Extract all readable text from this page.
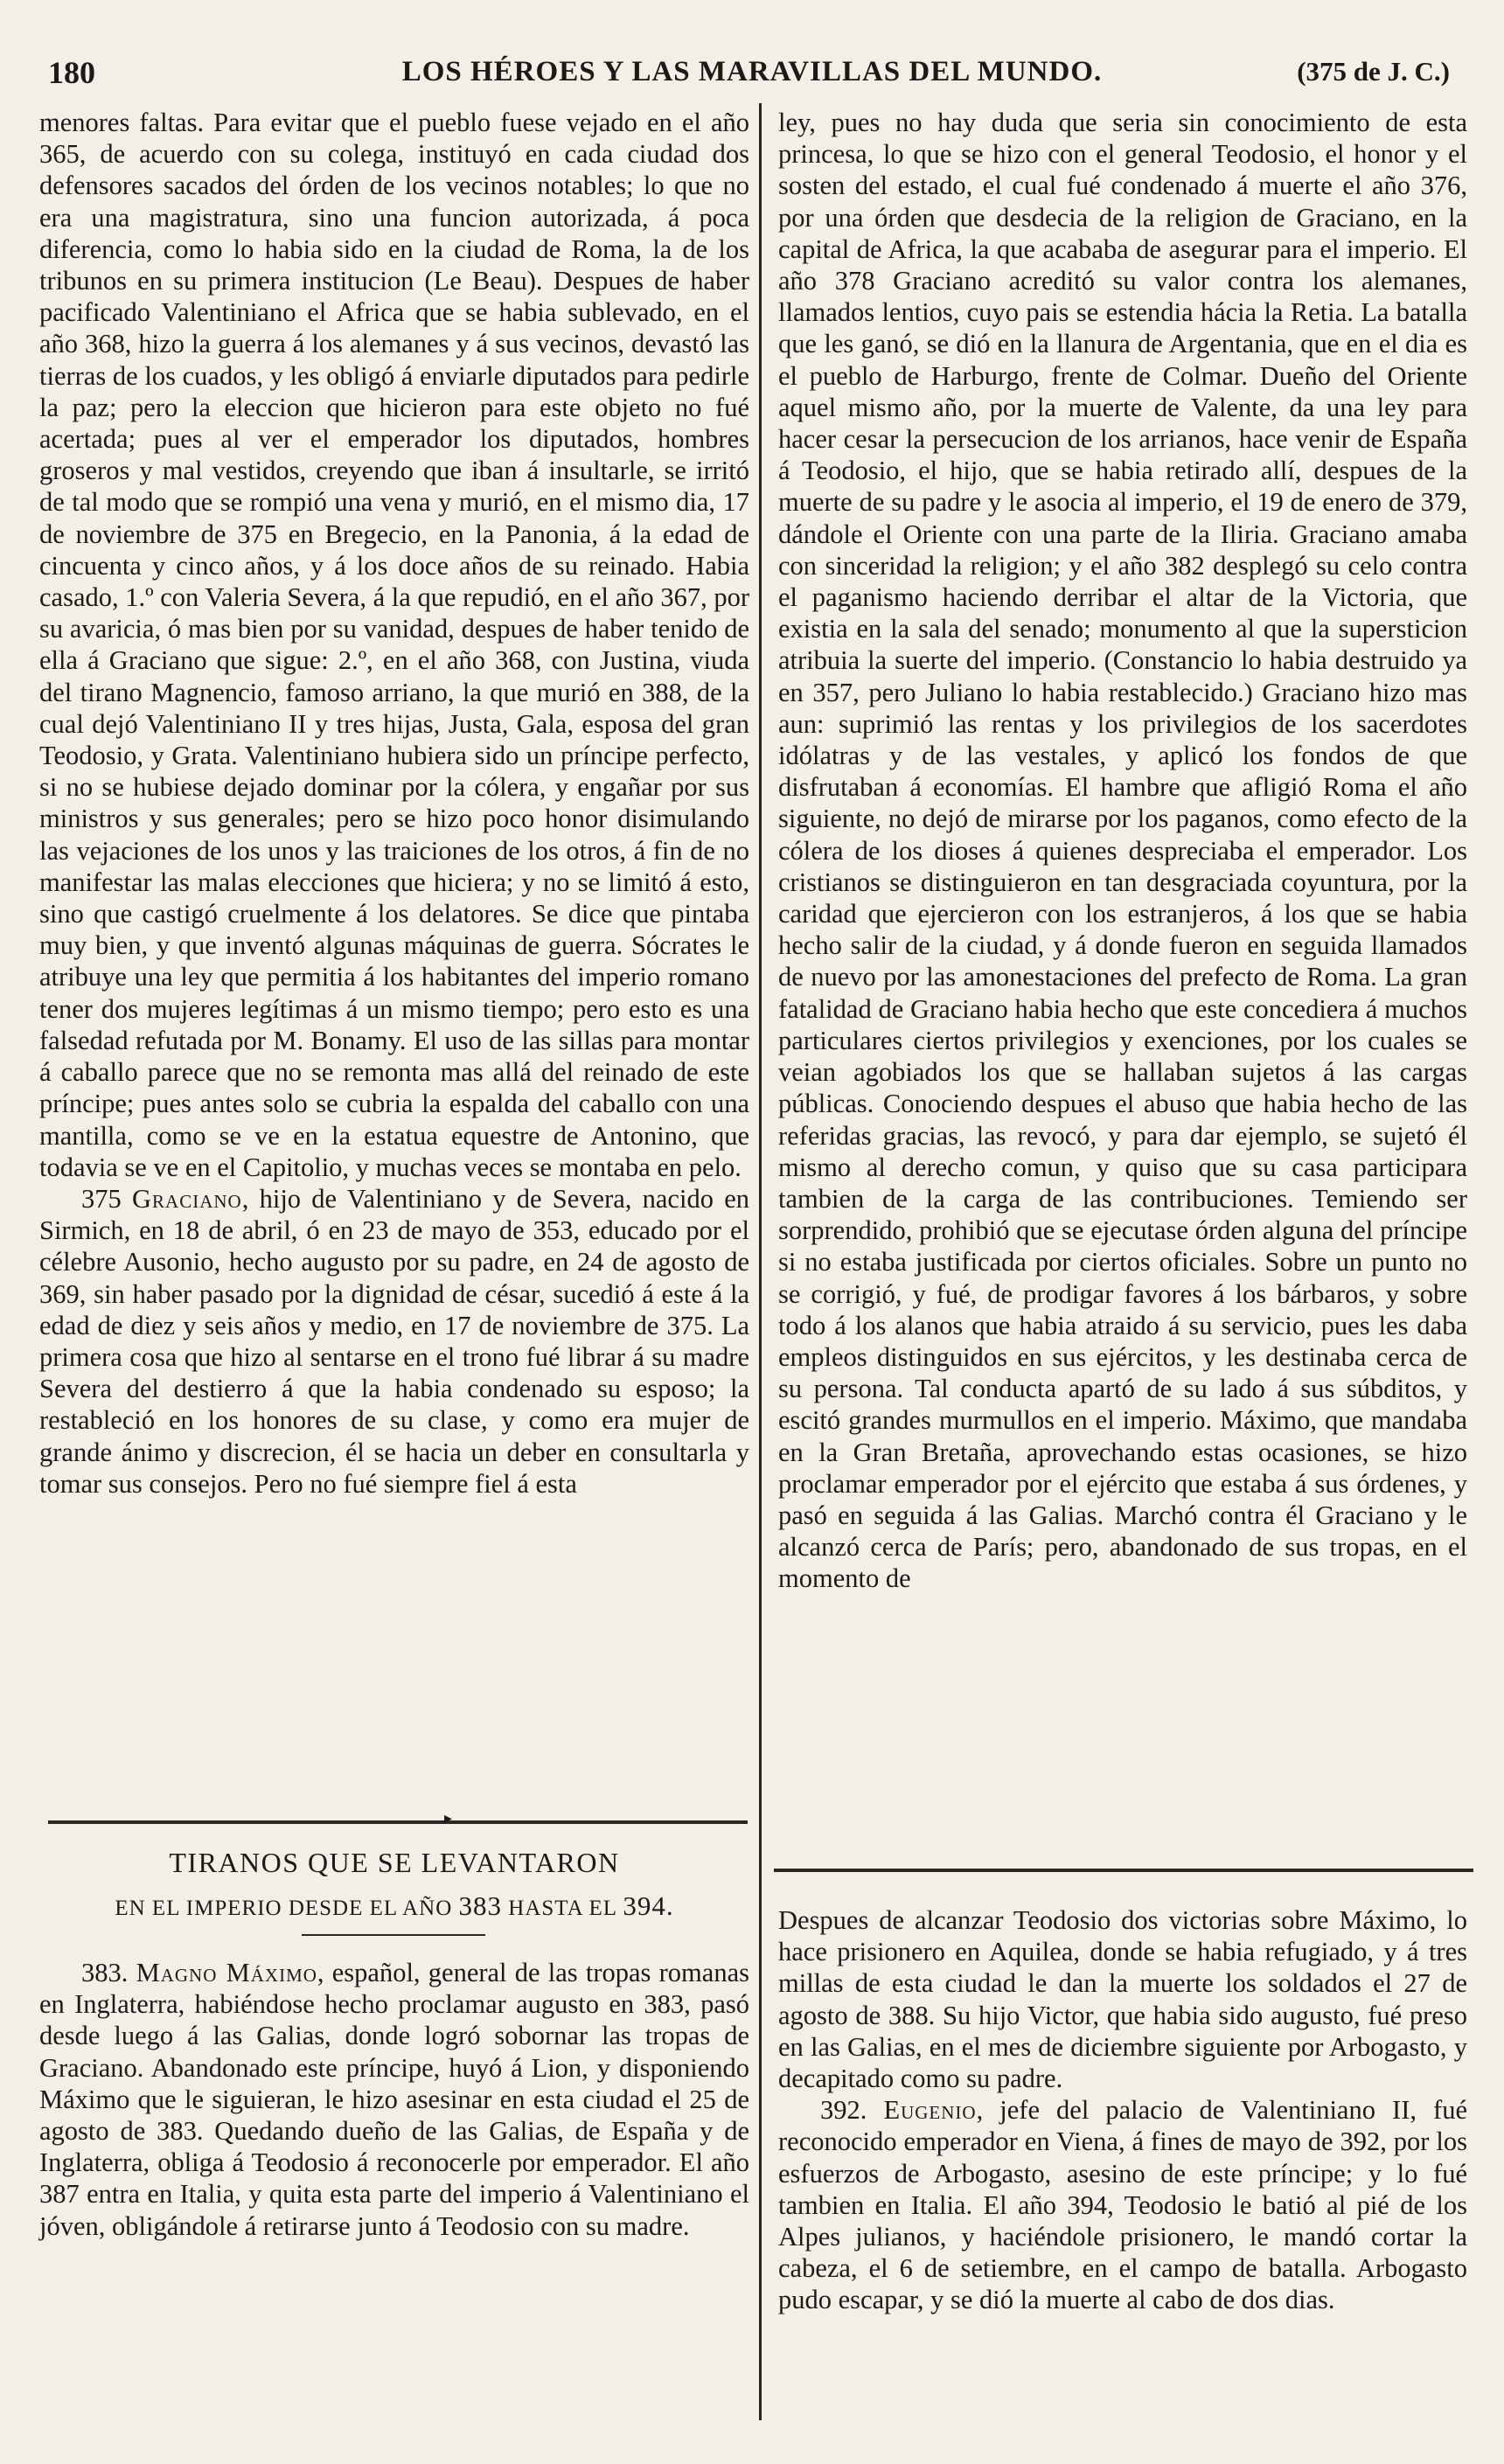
180	LOS HÉROES Y LAS MARAVILLAS DEL MUNDO.	(375 de J. C.)

menores faltas. Para evitar que el pueblo fuese vejado en el año 365, de acuerdo con su colega, instituyó en cada ciudad dos defensores sacados del órden de los vecinos notables; lo que no era una magistratura, sino una funcion autorizada, á poca diferencia, como lo habia sido en la ciudad de Roma, la de los tribunos en su primera institucion (Le Beau). Despues de haber pacificado Valentiniano el Africa que se habia sublevado, en el año 368, hizo la guerra á los alemanes y á sus vecinos, devastó las tierras de los cuados, y les obligó á enviarle diputados para pedirle la paz; pero la eleccion que hicieron para este objeto no fué acertada; pues al ver el emperador los diputados, hombres groseros y mal vestidos, creyendo que iban á insultarle, se irritó de tal modo que se rompió una vena y murió, en el mismo dia, 17 de noviembre de 375 en Bregecio, en la Panonia, á la edad de cincuenta y cinco años, y á los doce años de su reinado. Habia casado, 1.º con Valeria Severa, á la que repudió, en el año 367, por su avaricia, ó mas bien por su vanidad, despues de haber tenido de ella á Graciano que sigue: 2.º, en el año 368, con Justina, viuda del tirano Magnencio, famoso arriano, la que murió en 388, de la cual dejó Valentiniano II y tres hijas, Justa, Gala, esposa del gran Teodosio, y Grata. Valentiniano hubiera sido un príncipe perfecto, si no se hubiese dejado dominar por la cólera, y engañar por sus ministros y sus generales; pero se hizo poco honor disimulando las vejaciones de los unos y las traiciones de los otros, á fin de no manifestar las malas elecciones que hiciera; y no se limitó á esto, sino que castigó cruelmente á los delatores. Se dice que pintaba muy bien, y que inventó algunas máquinas de guerra. Sócrates le atribuye una ley que permitia á los habitantes del imperio romano tener dos mujeres legítimas á un mismo tiempo; pero esto es una falsedad refutada por M. Bonamy. El uso de las sillas para montar á caballo parece que no se remonta mas allá del reinado de este príncipe; pues antes solo se cubria la espalda del caballo con una mantilla, como se ve en la estatua equestre de Antonino, que todavia se ve en el Capitolio, y muchas veces se montaba en pelo.

375 Graciano, hijo de Valentiniano y de Severa, nacido en Sirmich, en 18 de abril, ó en 23 de mayo de 353, educado por el célebre Ausonio, hecho augusto por su padre, en 24 de agosto de 369, sin haber pasado por la dignidad de césar, sucedió á este á la edad de diez y seis años y medio, en 17 de noviembre de 375. La primera cosa que hizo al sentarse en el trono fué librar á su madre Severa del destierro á que la habia condenado su esposo; la restableció en los honores de su clase, y como era mujer de grande ánimo y discrecion, él se hacia un deber en consultarla y tomar sus consejos. Pero no fué siempre fiel á esta

ley, pues no hay duda que seria sin conocimiento de esta princesa, lo que se hizo con el general Teodosio, el honor y el sosten del estado, el cual fué condenado á muerte el año 376, por una órden que desdecia de la religion de Graciano, en la capital de Africa, la que acababa de asegurar para el imperio. El año 378 Graciano acreditó su valor contra los alemanes, llamados lentios, cuyo pais se estendia hácia la Retia. La batalla que les ganó, se dió en la llanura de Argentania, que en el dia es el pueblo de Harburgo, frente de Colmar. Dueño del Oriente aquel mismo año, por la muerte de Valente, da una ley para hacer cesar la persecucion de los arrianos, hace venir de España á Teodosio, el hijo, que se habia retirado allí, despues de la muerte de su padre y le asocia al imperio, el 19 de enero de 379, dándole el Oriente con una parte de la Iliria. Graciano amaba con sinceridad la religion; y el año 382 desplegó su celo contra el paganismo haciendo derribar el altar de la Victoria, que existia en la sala del senado; monumento al que la supersticion atribuia la suerte del imperio. (Constancio lo habia destruido ya en 357, pero Juliano lo habia restablecido.) Graciano hizo mas aun: suprimió las rentas y los privilegios de los sacerdotes idólatras y de las vestales, y aplicó los fondos de que disfrutaban á economías. El hambre que afligió Roma el año siguiente, no dejó de mirarse por los paganos, como efecto de la cólera de los dioses á quienes despreciaba el emperador. Los cristianos se distinguieron en tan desgraciada coyuntura, por la caridad que ejercieron con los estranjeros, á los que se habia hecho salir de la ciudad, y á donde fueron en seguida llamados de nuevo por las amonestaciones del prefecto de Roma. La gran fatalidad de Graciano habia hecho que este concediera á muchos particulares ciertos privilegios y exenciones, por los cuales se veian agobiados los que se hallaban sujetos á las cargas públicas. Conociendo despues el abuso que habia hecho de las referidas gracias, las revocó, y para dar ejemplo, se sujetó él mismo al derecho comun, y quiso que su casa participara tambien de la carga de las contribuciones. Temiendo ser sorprendido, prohibió que se ejecutase órden alguna del príncipe si no estaba justificada por ciertos oficiales. Sobre un punto no se corrigió, y fué, de prodigar favores á los bárbaros, y sobre todo á los alanos que habia atraido á su servicio, pues les daba empleos distinguidos en sus ejércitos, y les destinaba cerca de su persona. Tal conducta apartó de su lado á sus súbditos, y escitó grandes murmullos en el imperio. Máximo, que mandaba en la Gran Bretaña, aprovechando estas ocasiones, se hizo proclamar emperador por el ejército que estaba á sus órdenes, y pasó en seguida á las Galias. Marchó contra él Graciano y le alcanzó cerca de París; pero, abandonado de sus tropas, en el momento de

▸
TIRANOS QUE SE LEVANTARON
EN EL IMPERIO DESDE EL AÑO 383 HASTA EL 394.

383. Magno Máximo, español, general de las tropas romanas en Inglaterra, habiéndose hecho proclamar augusto en 383, pasó desde luego á las Galias, donde logró sobornar las tropas de Graciano. Abandonado este príncipe, huyó á Lion, y disponiendo Máximo que le siguieran, le hizo asesinar en esta ciudad el 25 de agosto de 383. Quedando dueño de las Galias, de España y de Inglaterra, obliga á Teodosio á reconocerle por emperador. El año 387 entra en Italia, y quita esta parte del imperio á Valentiniano el jóven, obligándole á retirarse junto á Teodosio con su madre.

Despues de alcanzar Teodosio dos victorias sobre Máximo, lo hace prisionero en Aquilea, donde se habia refugiado, y á tres millas de esta ciudad le dan la muerte los soldados el 27 de agosto de 388. Su hijo Victor, que habia sido augusto, fué preso en las Galias, en el mes de diciembre siguiente por Arbogasto, y decapitado como su padre.

392. Eugenio, jefe del palacio de Valentiniano II, fué reconocido emperador en Viena, á fines de mayo de 392, por los esfuerzos de Arbogasto, asesino de este príncipe; y lo fué tambien en Italia. El año 394, Teodosio le batió al pié de los Alpes julianos, y haciéndole prisionero, le mandó cortar la cabeza, el 6 de setiembre, en el campo de batalla. Arbogasto pudo escapar, y se dió la muerte al cabo de dos dias.
